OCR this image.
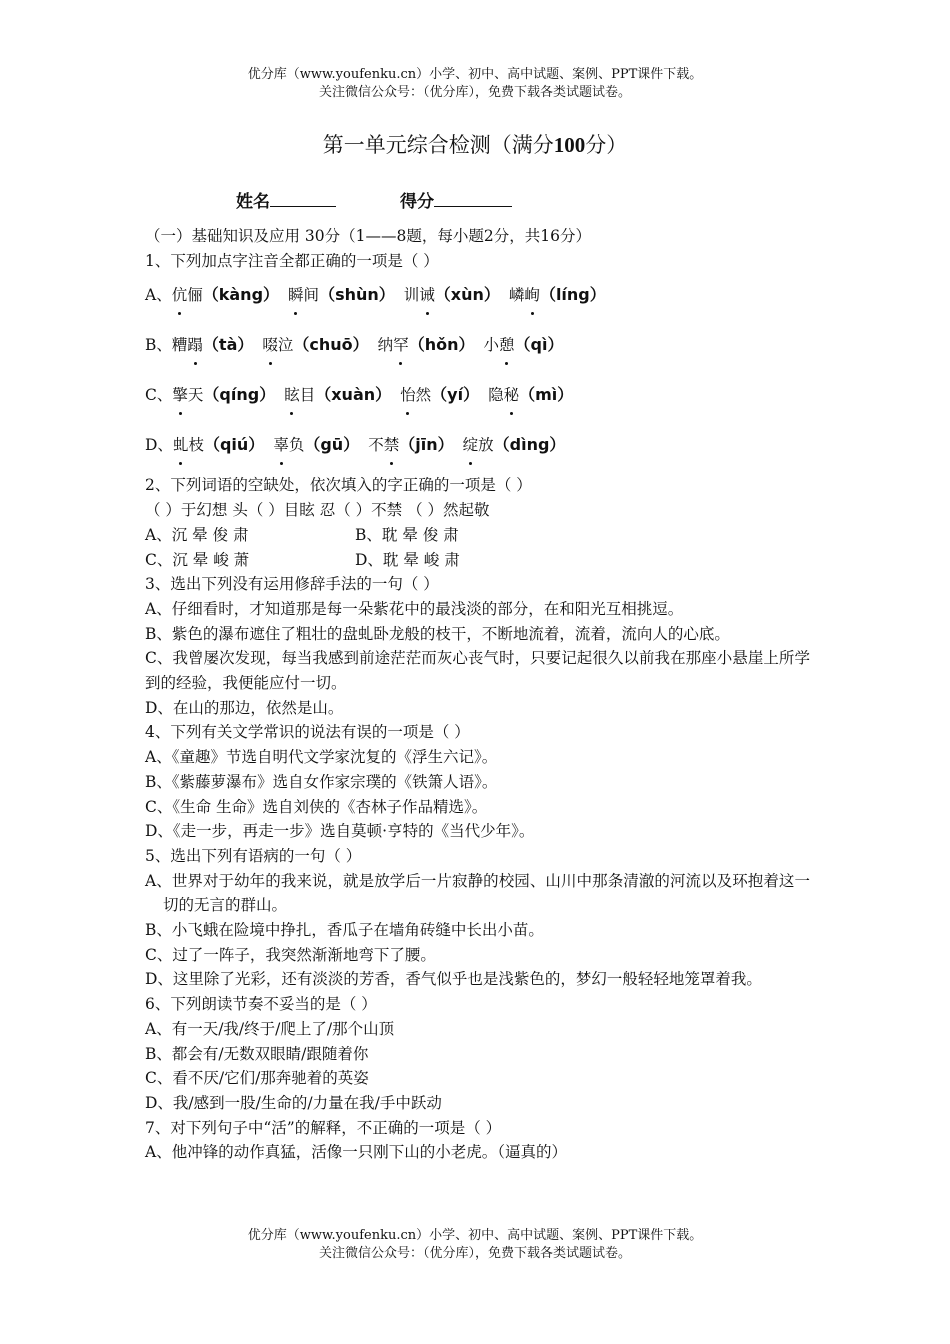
优分库（www.youfenku.cn）小学、初中、高中试题、案例、PPT课件下载。
关注微信公众号：（优分库），免费下载各类试题试卷。
第一单元综合检测（满分100分）
姓名	得分
（一）基础知识及应用 30分（1——8题，每小题2分，共16分）
1、下列加点字注音全都正确的一项是（ ）
A、伉俪（kàng） 瞬间（shùn） 训诫（xùn） 嶙峋（líng）
B、糟蹋（tà） 啜泣（chuō） 纳罕（hǒn） 小憩（qì）
C、擎天（qíng） 眩目（xuàn） 怡然（yí） 隐秘（mì）
D、虬枝（qiú） 辜负（gū） 不禁（jīn） 绽放（dìng）
2、下列词语的空缺处，依次填入的字正确的一项是（ ）
（ ）于幻想 头（ ）目眩 忍（ ）不禁 （ ）然起敬
A、沉 晕 俊 肃	B、耽 晕 俊 肃
C、沉 晕 峻 萧	D、耽 晕 峻 肃
3、选出下列没有运用修辞手法的一句（ ）
A、仔细看时，才知道那是每一朵紫花中的最浅淡的部分，在和阳光互相挑逗。
B、紫色的瀑布遮住了粗壮的盘虬卧龙般的枝干，不断地流着，流着，流向人的心底。
C、我曾屡次发现，每当我感到前途茫茫而灰心丧气时，只要记起很久以前我在那座小悬崖上所学到的经验，我便能应付一切。
D、在山的那边，依然是山。
4、下列有关文学常识的说法有误的一项是（ ）
A、《童趣》节选自明代文学家沈复的《浮生六记》。
B、《紫藤萝瀑布》选自女作家宗璞的《铁箫人语》。
C、《生命 生命》选自刘侠的《杏林子作品精选》。
D、《走一步，再走一步》选自莫顿·亨特的《当代少年》。
5、选出下列有语病的一句（ ）
A、世界对于幼年的我来说，就是放学后一片寂静的校园、山川中那条清澈的河流以及环抱着这一切的无言的群山。
B、小飞蛾在险境中挣扎，香瓜子在墙角砖缝中长出小苗。
C、过了一阵子，我突然渐渐地弯下了腰。
D、这里除了光彩，还有淡淡的芳香，香气似乎也是浅紫色的，梦幻一般轻轻地笼罩着我。
6、下列朗读节奏不妥当的是（ ）
A、有一天/我/终于/爬上了/那个山顶
B、都会有/无数双眼睛/跟随着你
C、看不厌/它们/那奔驰着的英姿
D、我/感到一股/生命的/力量在我/手中跃动
7、对下列句子中“活”的解释，不正确的一项是（ ）
A、他冲锋的动作真猛，活像一只刚下山的小老虎。（逼真的）
优分库（www.youfenku.cn）小学、初中、高中试题、案例、PPT课件下载。
关注微信公众号：（优分库），免费下载各类试题试卷。
